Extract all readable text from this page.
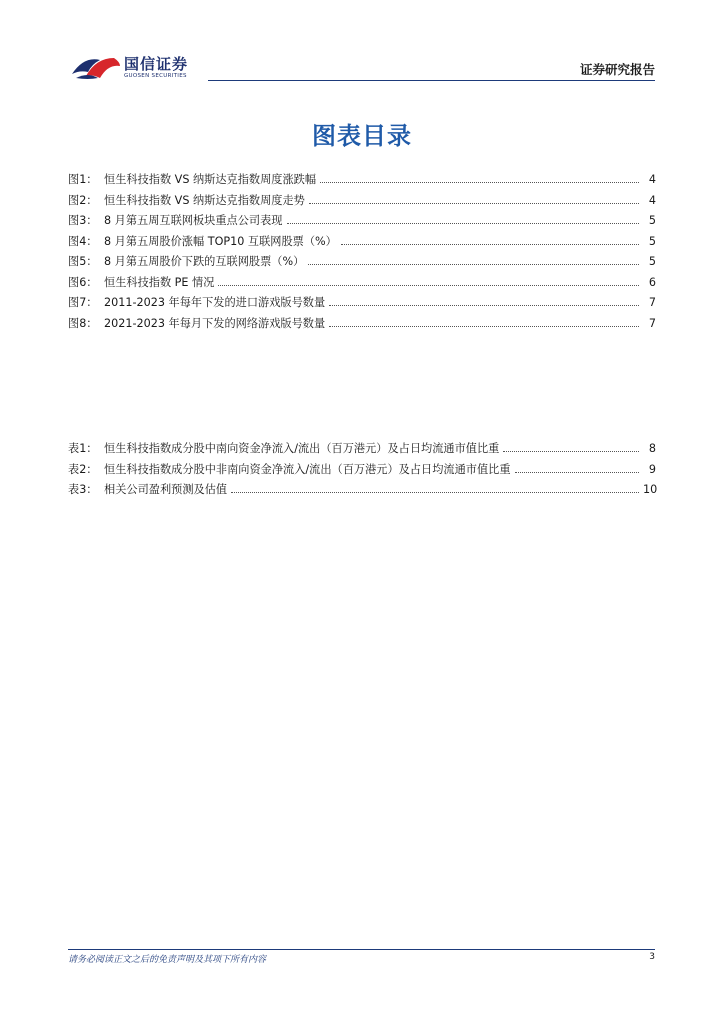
国信证券
GUOSEN SECURITIES	证券研究报告
图表目录
图1： 恒生科技指数 VS 纳斯达克指数周度涨跌幅	4
图2： 恒生科技指数 VS 纳斯达克指数周度走势	4
图3： 8 月第五周互联网板块重点公司表现	5
图4： 8 月第五周股价涨幅 TOP10 互联网股票（%）	5
图5： 8 月第五周股价下跌的互联网股票（%）	5
图6： 恒生科技指数 PE 情况	6
图7： 2011-2023 年每年下发的进口游戏版号数量	7
图8： 2021-2023 年每月下发的网络游戏版号数量	7
表1： 恒生科技指数成分股中南向资金净流入/流出（百万港元）及占日均流通市值比重	8
表2： 恒生科技指数成分股中非南向资金净流入/流出（百万港元）及占日均流通市值比重	9
表3： 相关公司盈利预测及估值	10
请务必阅读正文之后的免责声明及其项下所有内容	3
